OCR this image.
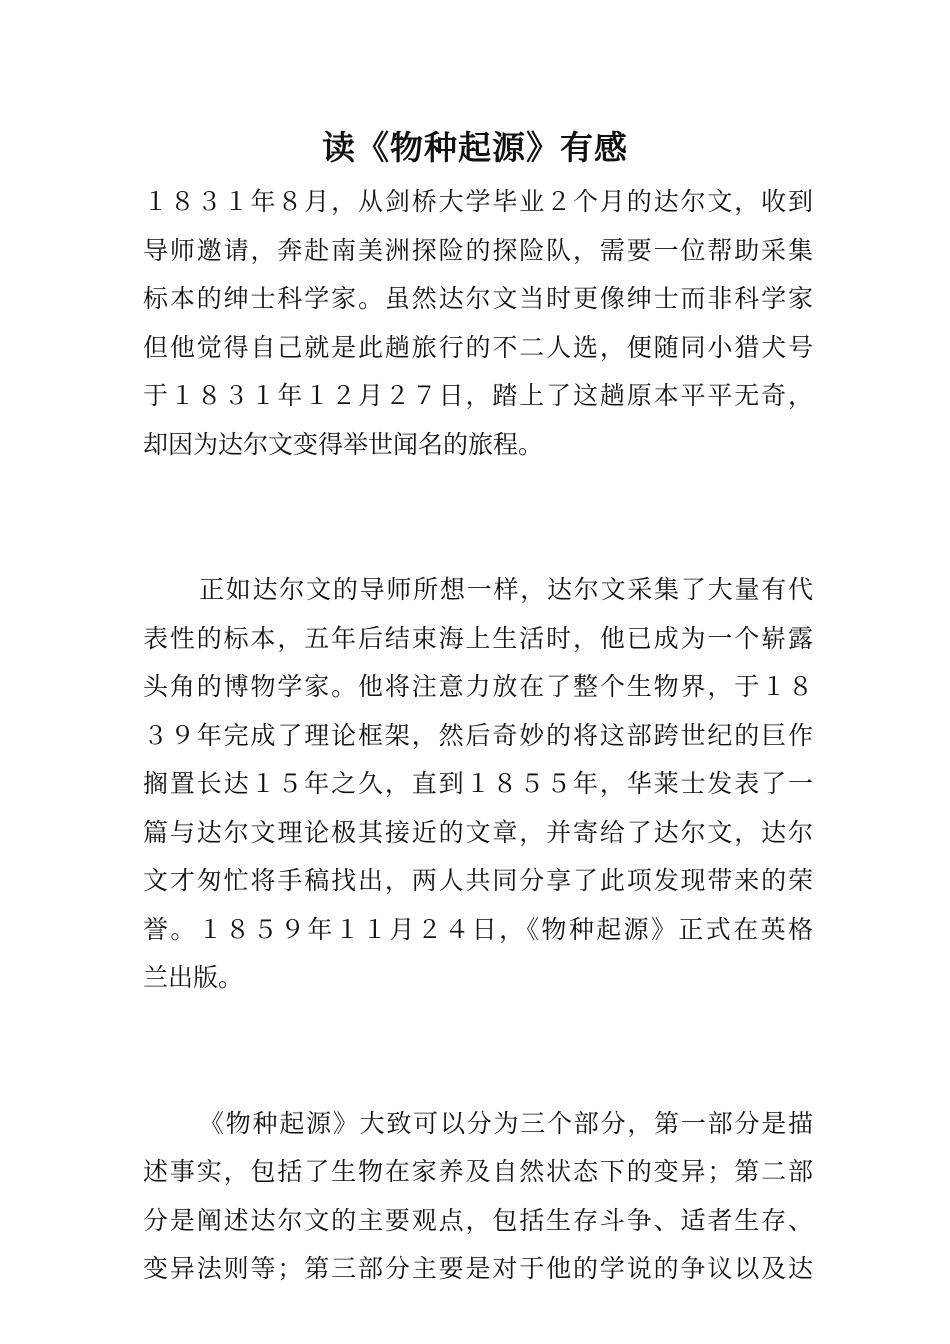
读《物种起源》有感
１８３１年８月，从剑桥大学毕业２个月的达尔文，收到
导师邀请，奔赴南美洲探险的探险队，需要一位帮助采集
标本的绅士科学家。虽然达尔文当时更像绅士而非科学家
但他觉得自己就是此趟旅行的不二人选，便随同小猎犬号
于１８３１年１２月２７日，踏上了这趟原本平平无奇，
却因为达尔文变得举世闻名的旅程。
正如达尔文的导师所想一样，达尔文采集了大量有代
表性的标本，五年后结束海上生活时，他已成为一个崭露
头角的博物学家。他将注意力放在了整个生物界，于１８
３９年完成了理论框架，然后奇妙的将这部跨世纪的巨作
搁置长达１５年之久，直到１８５５年，华莱士发表了一
篇与达尔文理论极其接近的文章，并寄给了达尔文，达尔
文才匆忙将手稿找出，两人共同分享了此项发现带来的荣
誉。１８５９年１１月２４日，《物种起源》正式在英格
兰出版。
《物种起源》大致可以分为三个部分，第一部分是描
述事实，包括了生物在家养及自然状态下的变异；第二部
分是阐述达尔文的主要观点，包括生存斗争、适者生存、
变异法则等；第三部分主要是对于他的学说的争议以及达
